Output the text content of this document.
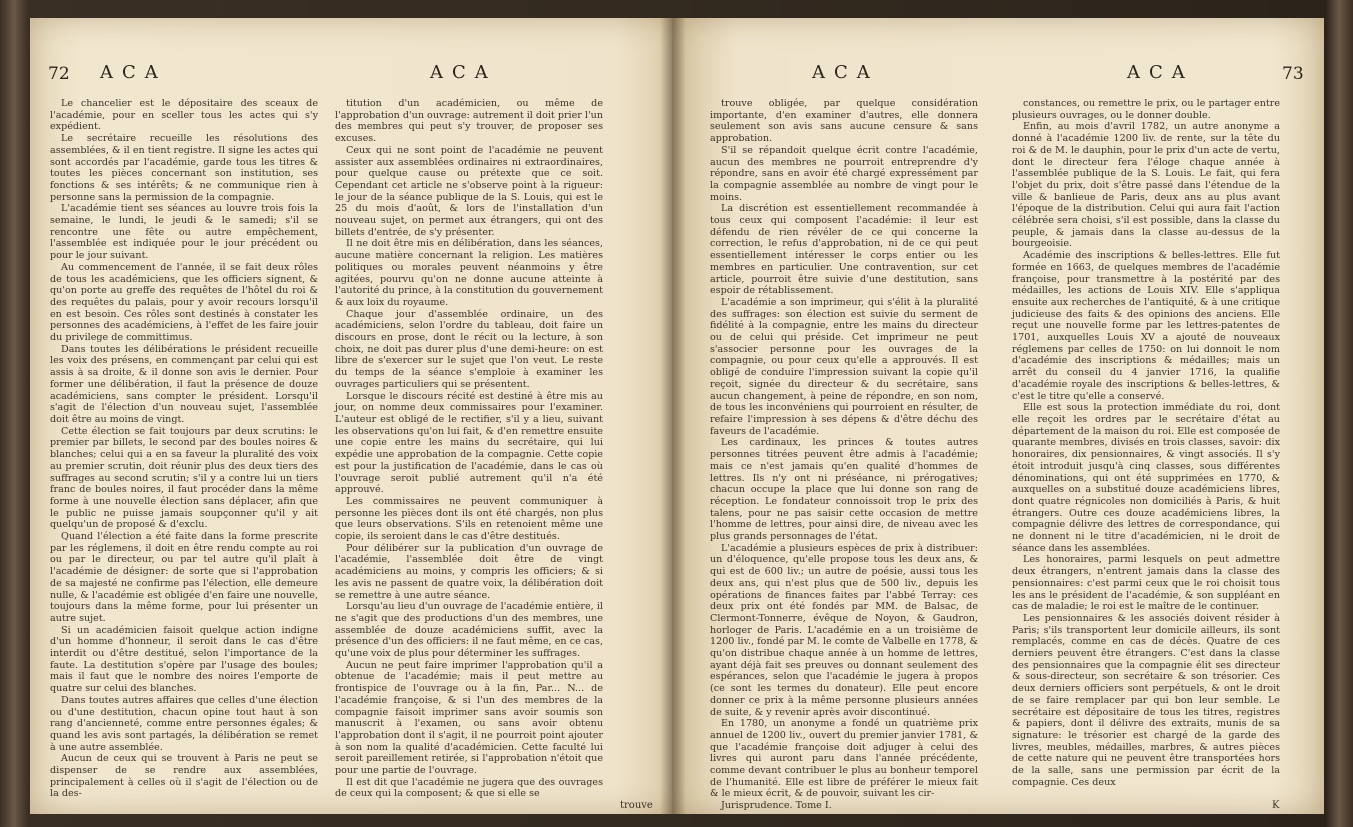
72 ACA	ACA

Le chancelier est le dépositaire des sceaux de l'académie, pour en sceller tous les actes qui s'y expédient.

Le secrétaire recueille les résolutions des assemblées, & il en tient registre. Il signe les actes qui sont accordés par l'académie, garde tous les titres & toutes les pièces concernant son institution, ses fonctions & ses intérêts; & ne communique rien à personne sans la permission de la compagnie.

L'académie tient ses séances au louvre trois fois la semaine, le lundi, le jeudi & le samedi; s'il se rencontre une fête ou autre empêchement, l'assemblée est indiquée pour le jour précédent ou pour le jour suivant.

Au commencement de l'année, il se fait deux rôles de tous les académiciens, que les officiers signent, & qu'on porte au greffe des requêtes de l'hôtel du roi & des requêtes du palais, pour y avoir recours lorsqu'il en est besoin. Ces rôles sont destinés à constater les personnes des académiciens, à l'effet de les faire jouir du privilege de committimus.

Dans toutes les délibérations le président recueille les voix des présens, en commençant par celui qui est assis à sa droite, & il donne son avis le dernier. Pour former une délibération, il faut la présence de douze académiciens, sans compter le président. Lorsqu'il s'agit de l'élection d'un nouveau sujet, l'assemblée doit être au moins de vingt.

Cette élection se fait toujours par deux scrutins: le premier par billets, le second par des boules noires & blanches; celui qui a en sa faveur la pluralité des voix au premier scrutin, doit réunir plus des deux tiers des suffrages au second scrutin; s'il y a contre lui un tiers franc de boules noires, il faut procéder dans la même forme à une nouvelle élection sans déplacer, afin que le public ne puisse jamais soupçonner qu'il y ait quelqu'un de proposé & d'exclu.

Quand l'élection a été faite dans la forme prescrite par les réglemens, il doit en être rendu compte au roi ou par le directeur, ou par tel autre qu'il plaît à l'académie de désigner: de sorte que si l'approbation de sa majesté ne confirme pas l'élection, elle demeure nulle, & l'académie est obligée d'en faire une nouvelle, toujours dans la même forme, pour lui présenter un autre sujet.

Si un académicien faisoit quelque action indigne d'un homme d'honneur, il seroit dans le cas d'être interdit ou d'être destitué, selon l'importance de la faute. La destitution s'opère par l'usage des boules; mais il faut que le nombre des noires l'emporte de quatre sur celui des blanches.

Dans toutes autres affaires que celles d'une élection ou d'une destitution, chacun opine tout haut à son rang d'ancienneté, comme entre personnes égales; & quand les avis sont partagés, la délibération se remet à une autre assemblée.

Aucun de ceux qui se trouvent à Paris ne peut se dispenser de se rendre aux assemblées, principalement à celles où il s'agit de l'élection ou de la des-

titution d'un académicien, ou même de l'approbation d'un ouvrage: autrement il doit prier l'un des membres qui peut s'y trouver, de proposer ses excuses.

Ceux qui ne sont point de l'académie ne peuvent assister aux assemblées ordinaires ni extraordinaires, pour quelque cause ou prétexte que ce soit. Cependant cet article ne s'observe point à la rigueur: le jour de la séance publique de la S. Louis, qui est le 25 du mois d'août, & lors de l'installation d'un nouveau sujet, on permet aux étrangers, qui ont des billets d'entrée, de s'y présenter.

Il ne doit être mis en délibération, dans les séances, aucune matière concernant la religion. Les matières politiques ou morales peuvent néanmoins y être agitées, pourvu qu'on ne donne aucune atteinte à l'autorité du prince, à la constitution du gouvernement & aux loix du royaume.

Chaque jour d'assemblée ordinaire, un des académiciens, selon l'ordre du tableau, doit faire un discours en prose, dont le récit ou la lecture, à son choix, ne doit pas durer plus d'une demi-heure: on est libre de s'exercer sur le sujet que l'on veut. Le reste du temps de la séance s'emploie à examiner les ouvrages particuliers qui se présentent.

Lorsque le discours récité est destiné à être mis au jour, on nomme deux commissaires pour l'examiner. L'auteur est obligé de le rectifier, s'il y a lieu, suivant les observations qu'on lui fait, & d'en remettre ensuite une copie entre les mains du secrétaire, qui lui expédie une approbation de la compagnie. Cette copie est pour la justification de l'académie, dans le cas où l'ouvrage seroit publié autrement qu'il n'a été approuvé.

Les commissaires ne peuvent communiquer à personne les pièces dont ils ont été chargés, non plus que leurs observations. S'ils en retenoient même une copie, ils seroient dans le cas d'être destitués.

Pour délibérer sur la publication d'un ouvrage de l'académie, l'assemblée doit être de vingt académiciens au moins, y compris les officiers; & si les avis ne passent de quatre voix, la délibération doit se remettre à une autre séance.

Lorsqu'au lieu d'un ouvrage de l'académie entière, il ne s'agit que des productions d'un des membres, une assemblée de douze académiciens suffit, avec la présence d'un des officiers: il ne faut même, en ce cas, qu'une voix de plus pour déterminer les suffrages.

Aucun ne peut faire imprimer l'approbation qu'il a obtenue de l'académie; mais il peut mettre au frontispice de l'ouvrage ou à la fin, Par... N... de l'académie françoise, & si l'un des membres de la compagnie faisoit imprimer sans avoir soumis son manuscrit à l'examen, ou sans avoir obtenu l'approbation dont il s'agit, il ne pourroit point ajouter à son nom la qualité d'académicien. Cette faculté lui seroit pareillement retirée, si l'approbation n'étoit que pour une partie de l'ouvrage.

Il est dit que l'académie ne jugera que des ouvrages de ceux qui la composent; & que si elle se

trouve
ACA	ACA	73

trouve obligée, par quelque considération importante, d'en examiner d'autres, elle donnera seulement son avis sans aucune censure & sans approbation.

S'il se répandoit quelque écrit contre l'académie, aucun des membres ne pourroit entreprendre d'y répondre, sans en avoir été chargé expressément par la compagnie assemblée au nombre de vingt pour le moins.

La discrétion est essentiellement recommandée à tous ceux qui composent l'académie: il leur est défendu de rien révéler de ce qui concerne la correction, le refus d'approbation, ni de ce qui peut essentiellement intéresser le corps entier ou les membres en particulier. Une contravention, sur cet article, pourroit être suivie d'une destitution, sans espoir de rétablissement.

L'académie a son imprimeur, qui s'élit à la pluralité des suffrages: son élection est suivie du serment de fidélité à la compagnie, entre les mains du directeur ou de celui qui préside. Cet imprimeur ne peut s'associer personne pour les ouvrages de la compagnie, ou pour ceux qu'elle a approuvés. Il est obligé de conduire l'impression suivant la copie qu'il reçoit, signée du directeur & du secrétaire, sans aucun changement, à peine de répondre, en son nom, de tous les inconvéniens qui pourroient en résulter, de refaire l'impression à ses dépens & d'être déchu des faveurs de l'académie.

Les cardinaux, les princes & toutes autres personnes titrées peuvent être admis à l'académie; mais ce n'est jamais qu'en qualité d'hommes de lettres. Ils n'y ont ni préséance, ni prérogatives; chacun occupe la place que lui donne son rang de réception. Le fondateur connoissoit trop le prix des talens, pour ne pas saisir cette occasion de mettre l'homme de lettres, pour ainsi dire, de niveau avec les plus grands personnages de l'état.

L'académie a plusieurs espèces de prix à distribuer: un d'éloquence, qu'elle propose tous les deux ans, & qui est de 600 liv.; un autre de poésie, aussi tous les deux ans, qui n'est plus que de 500 liv., depuis les opérations de finances faites par l'abbé Terray: ces deux prix ont été fondés par MM. de Balsac, de Clermont-Tonnerre, évêque de Noyon, & Gaudron, horloger de Paris. L'académie en a un troisième de 1200 liv., fondé par M. le comte de Valbelle en 1778, & qu'on distribue chaque année à un homme de lettres, ayant déjà fait ses preuves ou donnant seulement des espérances, selon que l'académie le jugera à propos (ce sont les termes du donateur). Elle peut encore donner ce prix à la même personne plusieurs années de suite, & y revenir après avoir discontinué.

En 1780, un anonyme a fondé un quatrième prix annuel de 1200 liv., ouvert du premier janvier 1781, & que l'académie françoise doit adjuger à celui des livres qui auront paru dans l'année précédente, comme devant contribuer le plus au bonheur temporel de l'humanité. Elle est libre de préférer le mieux fait & le mieux écrit, & de pouvoir, suivant les cir-

Jurisprudence. Tome I.

constances, ou remettre le prix, ou le partager entre plusieurs ouvrages, ou le donner double.

Enfin, au mois d'avril 1782, un autre anonyme a donné à l'académie 1200 liv. de rente, sur la tête du roi & de M. le dauphin, pour le prix d'un acte de vertu, dont le directeur fera l'éloge chaque année à l'assemblée publique de la S. Louis. Le fait, qui fera l'objet du prix, doit s'être passé dans l'étendue de la ville & banlieue de Paris, deux ans au plus avant l'époque de la distribution. Celui qui aura fait l'action célébrée sera choisi, s'il est possible, dans la classe du peuple, & jamais dans la classe au-dessus de la bourgeoisie.

Académie des inscriptions & belles-lettres. Elle fut formée en 1663, de quelques membres de l'académie françoise, pour transmettre à la postérité par des médailles, les actions de Louis XIV. Elle s'appliqua ensuite aux recherches de l'antiquité, & à une critique judicieuse des faits & des opinions des anciens. Elle reçut une nouvelle forme par les lettres-patentes de 1701, auxquelles Louis XV a ajouté de nouveaux réglemens par celles de 1750: on lui donnoit le nom d'académie des inscriptions & médailles; mais un arrêt du conseil du 4 janvier 1716, la qualifie d'académie royale des inscriptions & belles-lettres, & c'est le titre qu'elle a conservé.

Elle est sous la protection immédiate du roi, dont elle reçoit les ordres par le secrétaire d'état au département de la maison du roi. Elle est composée de quarante membres, divisés en trois classes, savoir: dix honoraires, dix pensionnaires, & vingt associés. Il s'y étoit introduit jusqu'à cinq classes, sous différentes dénominations, qui ont été supprimées en 1770, & auxquelles on a substitué douze académiciens libres, dont quatre régnicoles non domiciliés à Paris, & huit étrangers. Outre ces douze académiciens libres, la compagnie délivre des lettres de correspondance, qui ne donnent ni le titre d'académicien, ni le droit de séance dans les assemblées.

Les honoraires, parmi lesquels on peut admettre deux étrangers, n'entrent jamais dans la classe des pensionnaires: c'est parmi ceux que le roi choisit tous les ans le président de l'académie, & son suppléant en cas de maladie; le roi est le maître de le continuer.

Les pensionnaires & les associés doivent résider à Paris; s'ils transportent leur domicile ailleurs, ils sont remplacés, comme en cas de décès. Quatre de ces derniers peuvent être étrangers. C'est dans la classe des pensionnaires que la compagnie élit ses directeur & sous-directeur, son secrétaire & son trésorier. Ces deux derniers officiers sont perpétuels, & ont le droit de se faire remplacer par qui bon leur semble. Le secrétaire est dépositaire de tous les titres, registres & papiers, dont il délivre des extraits, munis de sa signature: le trésorier est chargé de la garde des livres, meubles, médailles, marbres, & autres pièces de cette nature qui ne peuvent être transportées hors de la salle, sans une permission par écrit de la compagnie. Ces deux

K
